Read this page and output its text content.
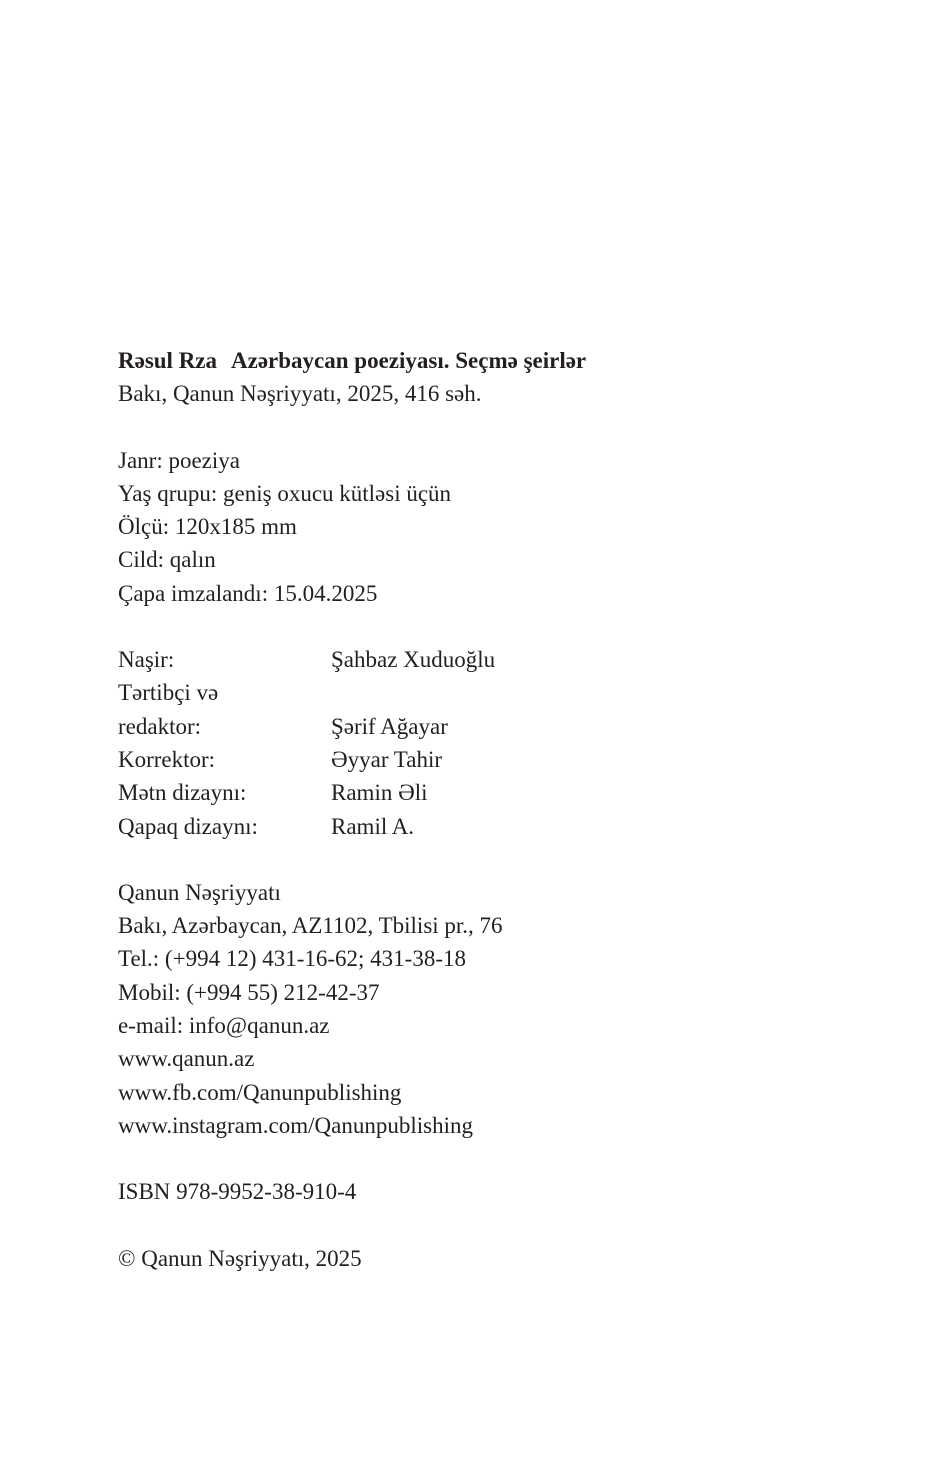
Rəsul Rza Azərbaycan poeziyası. Seçmə şeirlər
Bakı, Qanun Nəşriyyatı, 2025, 416 səh.
Janr: poeziya
Yaş qrupu: geniş oxucu kütləsi üçün
Ölçü: 120x185 mm
Cild: qalın
Çapa imzalandı: 15.04.2025
Naşir:	Şahbaz Xuduoğlu
Tərtibçi və
redaktor:	Şərif Ağayar
Korrektor:	Əyyar Tahir
Mətn dizaynı:	Ramin Əli
Qapaq dizaynı:	Ramil A.
Qanun Nəşriyyatı
Bakı, Azərbaycan, AZ1102, Tbilisi pr., 76
Tel.: (+994 12) 431-16-62; 431-38-18
Mobil: (+994 55) 212-42-37
e-mail: info@qanun.az
www.qanun.az
www.fb.com/Qanunpublishing
www.instagram.com/Qanunpublishing
ISBN 978-9952-38-910-4
© Qanun Nəşriyyatı, 2025
